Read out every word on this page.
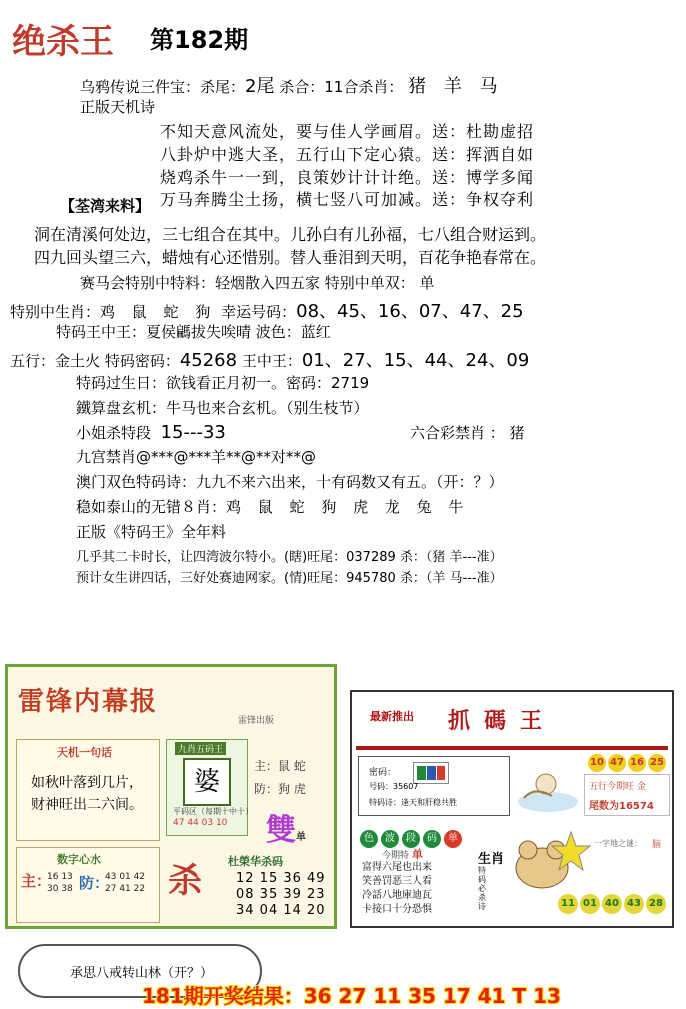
绝杀王 第182期
乌鸦传说三件宝：杀尾：2尾 杀合：11合杀肖： 猪 羊 马
正版天机诗
不知天意风流处，要与佳人学画眉。送：杜勘虚招
八卦炉中逃大圣，五行山下定心猿。送：挥洒自如
烧鸡杀牛一一到，良策妙计计计绝。送：博学多闻
万马奔腾尘土扬，横七竖八可加减。送：争权夺利
【荃湾来料】
洞在清溪何处边，三七组合在其中。儿孙白有儿孙福，七八组合财运到。
四九回头望三六，蜡烛有心还惜别。替人垂泪到天明，百花争艳春常在。
赛马会特别中特料：轻烟散入四五家 特别中单双： 单
特别中生肖：鸡 鼠 蛇 狗 幸运号码：08、45、16、07、47、25
特码王中王：夏侯騗拔失唉晴 波色：蓝红
五行：金土火 特码密码：45268 王中王：01、27、15、44、24、09
特码过生日：欲钱看正月初一。密码：2719
鐵算盘玄机：牛马也来合玄机。（别生枝节）
小姐杀特段 15---33	六合彩禁肖 ： 猪
九宫禁肖@***@***羊**@**对**@
澳门双色特码诗：九九不来六出来，十有码数又有五。（开：？）
稳如泰山的无错８肖：鸡 鼠 蛇 狗 虎 龙 兔 牛
正版《特码王》全年料
几乎其二卡时长，让四湾波尔特小。(瞎)旺尾：037289 杀：（猪 羊---准）
预计女生讲四话，三好处赛迪网家。(情)旺尾：945780 杀：（羊 马---准）
雷锋内幕报
雷锋出版
天机一句话
如秋叶落到几片，
财神旺出二六间。
九肖五码王
婆
平码区（每期十中十）
47 44 03 10
主：鼠 蛇
防：狗 虎
雙单
数字心水
主：
16 13
30 38 防：
43 01 42
27 41 22 杀 杜榮华杀码
12 15 36 49
08 35 39 23
34 04 14 20
最新推出 抓碼王
密码：
号码：35607
特码诗：逢天和肝稳共胜
10 47 16 25
五行今期旺 金
尾数为16574
一字地之谜： 脑
色 波 段 码 单
今期特 单
富得六尾也出来
笑善罚恶三人看
冷話八地庫迪瓦
卡接口十分恐惧
生肖
特码必杀诗	11 01 40 43 28
承思八戒转山林（开？）
181期开奖结果：36 27 11 35 17 41 T 13
